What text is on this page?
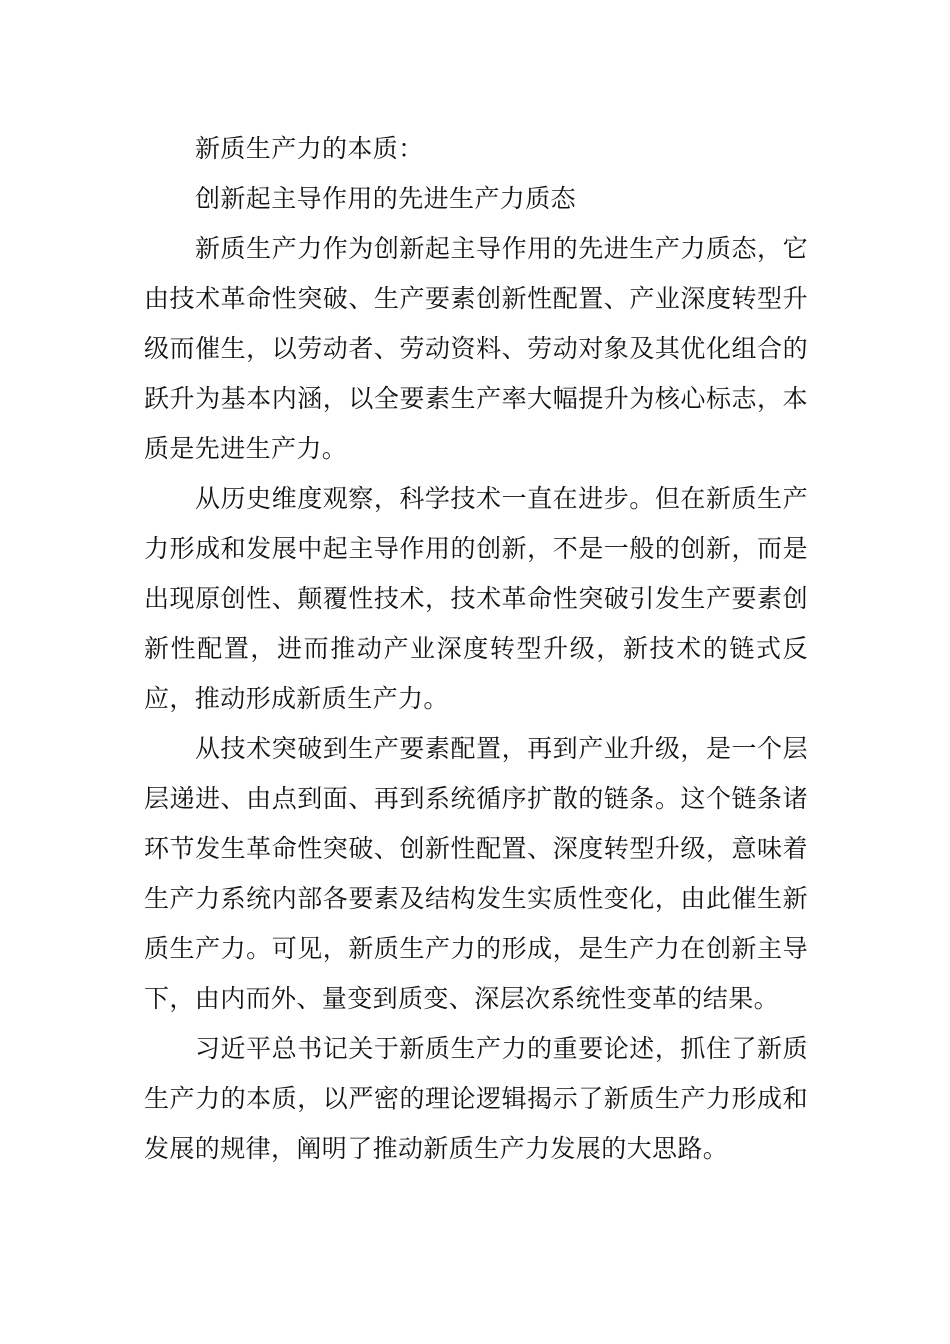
新质生产力的本质：
创新起主导作用的先进生产力质态

新质生产力作为创新起主导作用的先进生产力质态，它由技术革命性突破、生产要素创新性配置、产业深度转型升级而催生，以劳动者、劳动资料、劳动对象及其优化组合的跃升为基本内涵，以全要素生产率大幅提升为核心标志，本质是先进生产力。

从历史维度观察，科学技术一直在进步。但在新质生产力形成和发展中起主导作用的创新，不是一般的创新，而是出现原创性、颠覆性技术，技术革命性突破引发生产要素创新性配置，进而推动产业深度转型升级，新技术的链式反应，推动形成新质生产力。

从技术突破到生产要素配置，再到产业升级，是一个层层递进、由点到面、再到系统循序扩散的链条。这个链条诸环节发生革命性突破、创新性配置、深度转型升级，意味着生产力系统内部各要素及结构发生实质性变化，由此催生新质生产力。可见，新质生产力的形成，是生产力在创新主导下，由内而外、量变到质变、深层次系统性变革的结果。

习近平总书记关于新质生产力的重要论述，抓住了新质生产力的本质，以严密的理论逻辑揭示了新质生产力形成和发展的规律，阐明了推动新质生产力发展的大思路。
